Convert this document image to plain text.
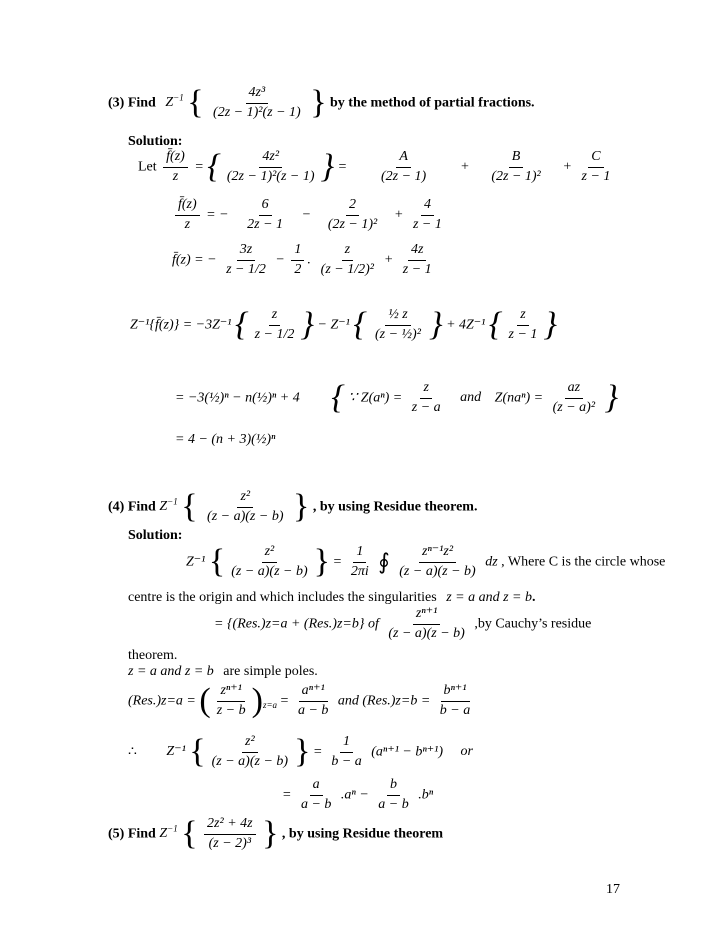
(3) Find $Z^{-1}$ { $\frac{\text{4z³}}{\text{(2z − 1)²(z − 1)}}$ } by the method of partial fractions.
Solution:
Let $\frac{f̄(z)}{z}$ = { $\frac{\text{4z²}}{\text{(2z − 1)²(z − 1)}}$ } = $\frac{A}{(2z - 1)} + \frac{B}{\text{(2z − 1)²}} + \frac{C}{z - 1}$
$\frac{f̄(z)}{z}$ = − $\frac{6}{2z - 1} - \frac{2}{\text{(2z − 1)²}} + \frac{4}{z - 1}$
f̄(z) = − $\frac{3z}{z - 1/2} - \frac{1}{2}$ . $\frac{z}{\text{(z − 1/2)²}} + \frac{4z}{z - 1}$
Z⁻¹{f̄(z)} = −3Z⁻¹ { $\frac{z}{z - 1/2}$ } − Z⁻¹ { $\frac{\text{½ z}}{\text{(z − ½)²}}$ } + 4Z⁻¹ { $\frac{z}{z - 1}$ }
= −3(½)ⁿ − n(½)ⁿ + 4 { ∵ $Z(a^n) = \frac{z}{z - a}$ and $Z(na^n) = \frac{az}{\text{(z − a)²}}$ }
= 4 − (n + 3)(½)ⁿ
(4) Find $Z^{-1}$ { $\frac{\text{z²}}{(z - a)(z - b)}$ } , by using Residue theorem.
Solution:
Z⁻¹ { $\frac{\text{z²}}{(z - a)(z - b)}$ } = $\frac{1}{2\pi i}$ ∮ $\frac{\text{zⁿ⁻¹z²}}{(z - a)(z - b)}$ dz , Where C is the circle whose
centre is the origin and which includes the singularities z = a and z = b.
= {(Res.)z=a + (Res.)z=b} of $\frac{\text{zⁿ⁺¹}}{(z - a)(z - b)} ,by$ Cauchy’s residue
theorem.
z = a and z = b are simple poles.
(Res.)z=a = ( $\frac{\text{zⁿ⁺¹}}{z - b} )_{z=a} = \frac{\text{aⁿ⁺¹}}{a - b}$ and $(Res.)z=b = \frac{\text{bⁿ⁺¹}}{b - a}$
∴ Z⁻¹ { $\frac{\text{z²}}{(z - a)(z - b)}$ } = $\frac{1}{b - a} (a^{n+1} - b^{n+1})$ or
= $\frac{a}{a - b} .a^n - \frac{b}{a - b} .b^n$
(5) Find $Z^{-1}$ { $\frac{\text{2z² + 4z}}{\text{(z − 2)³}}$ } , by using Residue theorem
17
